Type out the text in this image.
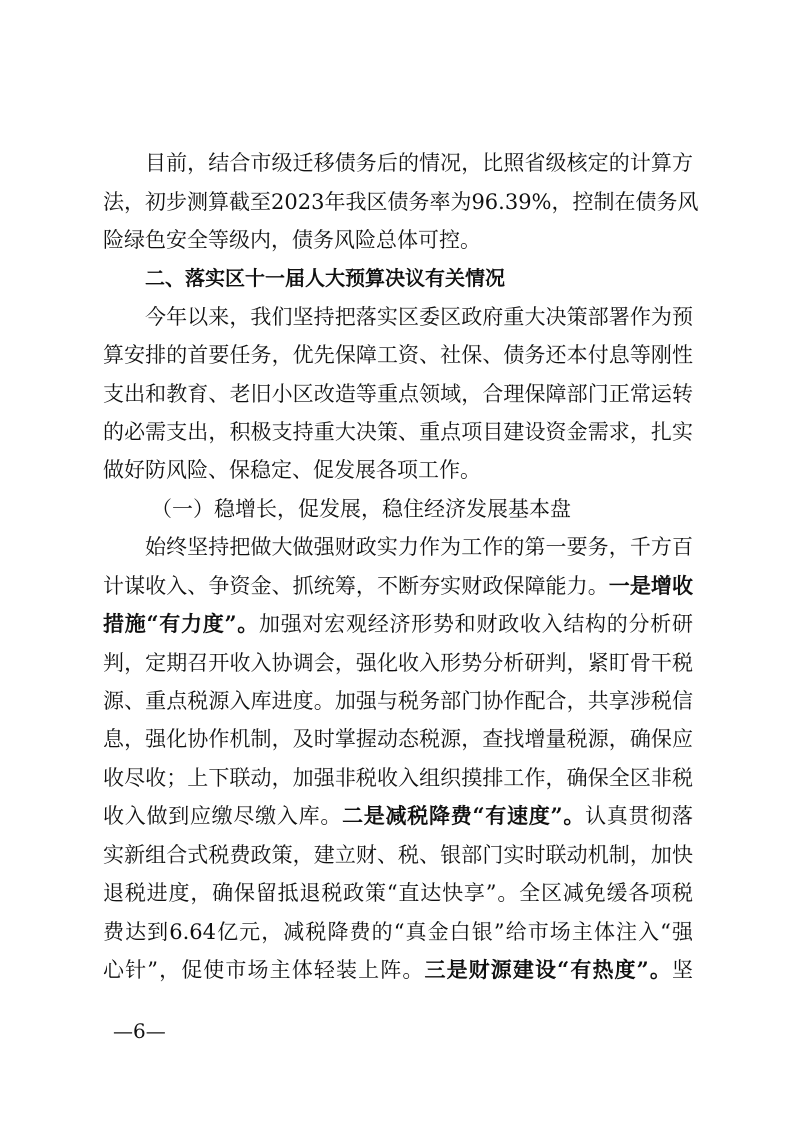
目前，结合市级迁移债务后的情况，比照省级核定的计算方
法，初步测算截至2023年我区债务率为96.39%，控制在债务风
险绿色安全等级内，债务风险总体可控。
二、落实区十一届人大预算决议有关情况
今年以来，我们坚持把落实区委区政府重大决策部署作为预
算安排的首要任务，优先保障工资、社保、债务还本付息等刚性
支出和教育、老旧小区改造等重点领域，合理保障部门正常运转
的必需支出，积极支持重大决策、重点项目建设资金需求，扎实
做好防风险、保稳定、促发展各项工作。
（一）稳增长，促发展，稳住经济发展基本盘
始终坚持把做大做强财政实力作为工作的第一要务，千方百
计谋收入、争资金、抓统筹，不断夯实财政保障能力。一是增收
措施“有力度”。加强对宏观经济形势和财政收入结构的分析研
判，定期召开收入协调会，强化收入形势分析研判，紧盯骨干税
源、重点税源入库进度。加强与税务部门协作配合，共享涉税信
息，强化协作机制，及时掌握动态税源，查找增量税源，确保应
收尽收；上下联动，加强非税收入组织摸排工作，确保全区非税
收入做到应缴尽缴入库。二是减税降费“有速度”。认真贯彻落
实新组合式税费政策，建立财、税、银部门实时联动机制，加快
退税进度，确保留抵退税政策“直达快享”。全区减免缓各项税
费达到6.64亿元，减税降费的“真金白银”给市场主体注入“强
心针”，促使市场主体轻装上阵。三是财源建设“有热度”。坚
—6—
